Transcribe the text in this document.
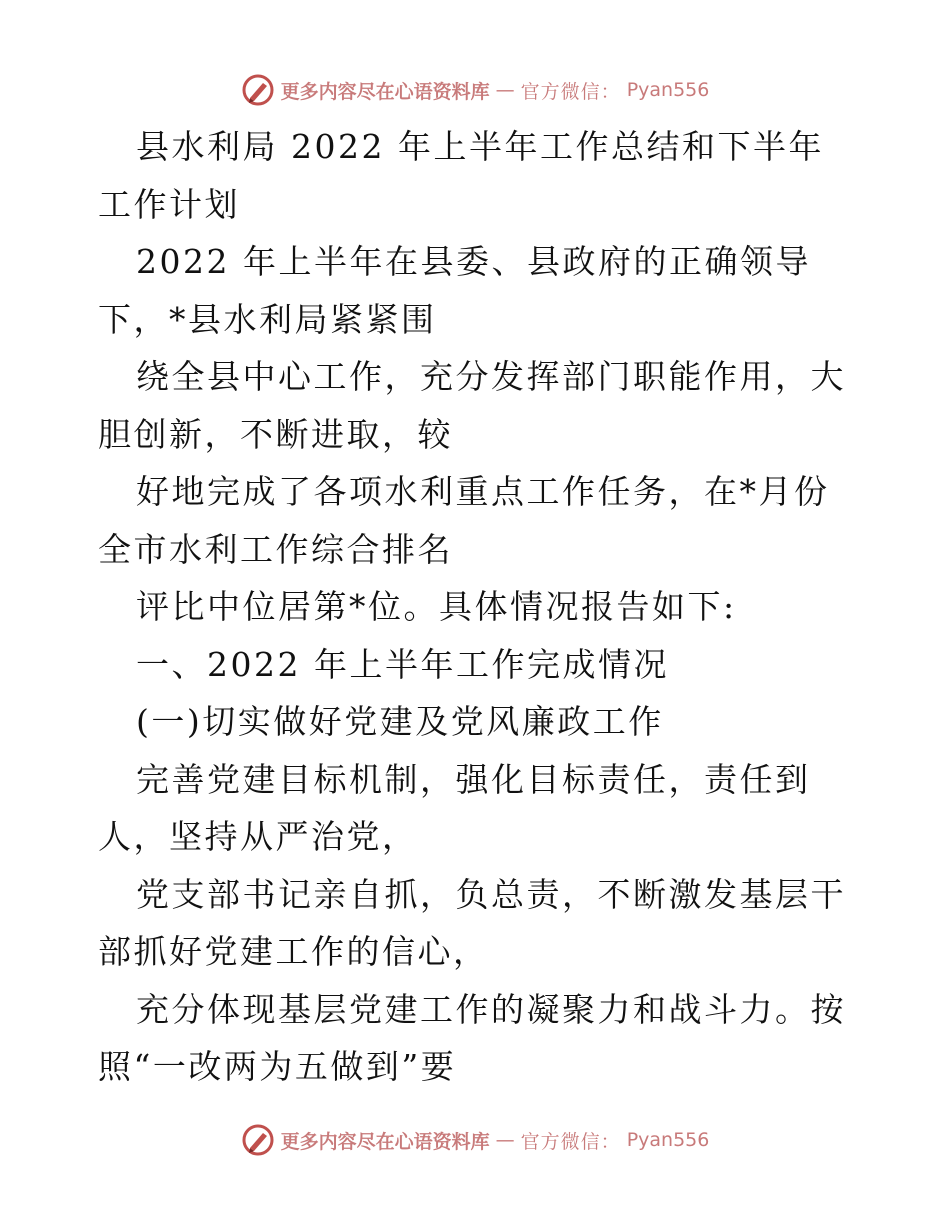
更多内容尽在心语资料库 — 官方微信： Pyan556

县水利局 2022 年上半年工作总结和下半年工作计划

2022 年上半年在县委、县政府的正确领导下，*县水利局紧紧围

绕全县中心工作，充分发挥部门职能作用，大胆创新，不断进取，较

好地完成了各项水利重点工作任务，在*月份全市水利工作综合排名

评比中位居第*位。具体情况报告如下:

一、2022 年上半年工作完成情况

(一)切实做好党建及党风廉政工作

完善党建目标机制，强化目标责任，责任到人，坚持从严治党，

党支部书记亲自抓，负总责，不断激发基层干部抓好党建工作的信心，

充分体现基层党建工作的凝聚力和战斗力。按照“一改两为五做到”要

更多内容尽在心语资料库 — 官方微信： Pyan556
